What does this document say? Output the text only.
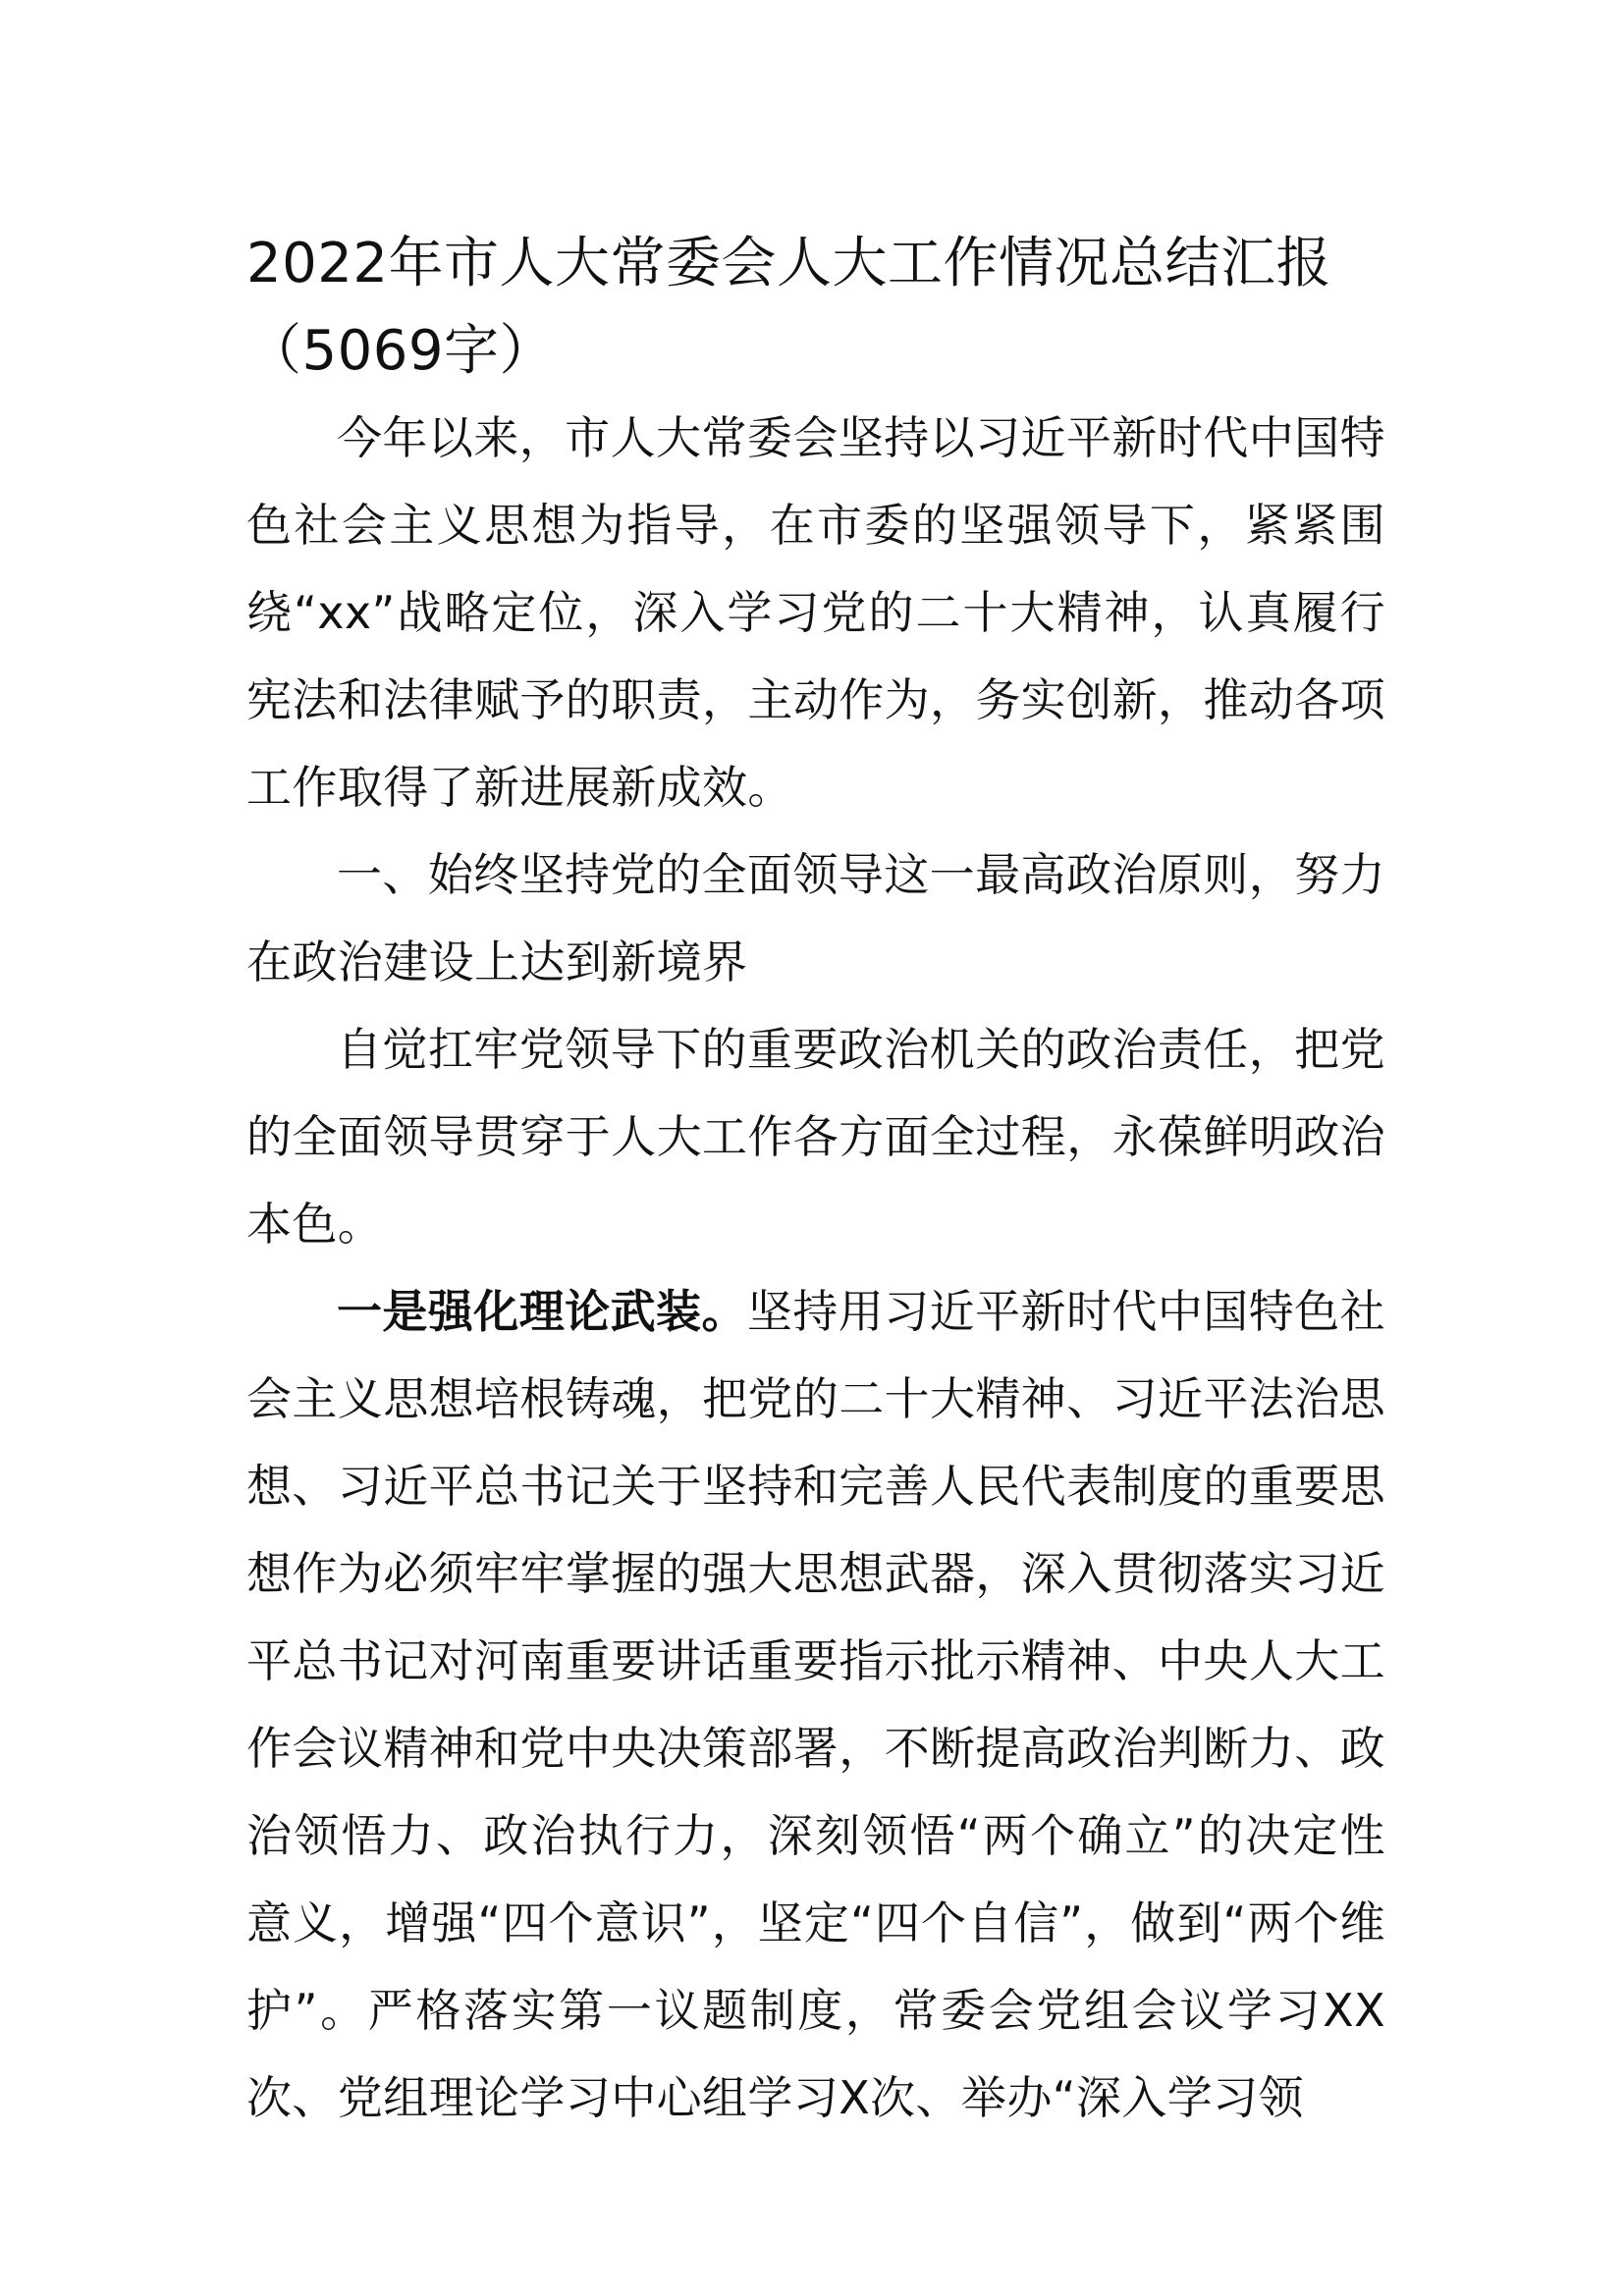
2022年市人大常委会人大工作情况总结汇报（5069字）

今年以来，市人大常委会坚持以习近平新时代中国特色社会主义思想为指导，在市委的坚强领导下，紧紧围绕“xx”战略定位，深入学习党的二十大精神，认真履行宪法和法律赋予的职责，主动作为，务实创新，推动各项工作取得了新进展新成效。

一、始终坚持党的全面领导这一最高政治原则，努力在政治建设上达到新境界

自觉扛牢党领导下的重要政治机关的政治责任，把党的全面领导贯穿于人大工作各方面全过程，永葆鲜明政治本色。

一是强化理论武装。坚持用习近平新时代中国特色社会主义思想培根铸魂，把党的二十大精神、习近平法治思想、习近平总书记关于坚持和完善人民代表制度的重要思想作为必须牢牢掌握的强大思想武器，深入贯彻落实习近平总书记对河南重要讲话重要指示批示精神、中央人大工作会议精神和党中央决策部署，不断提高政治判断力、政治领悟力、政治执行力，深刻领悟“两个确立”的决定性意义，增强“四个意识”，坚定“四个自信”，做到“两个维护”。严格落实第一议题制度，常委会党组会议学习XX次、党组理论学习中心组学习X次、举办“深入学习领
